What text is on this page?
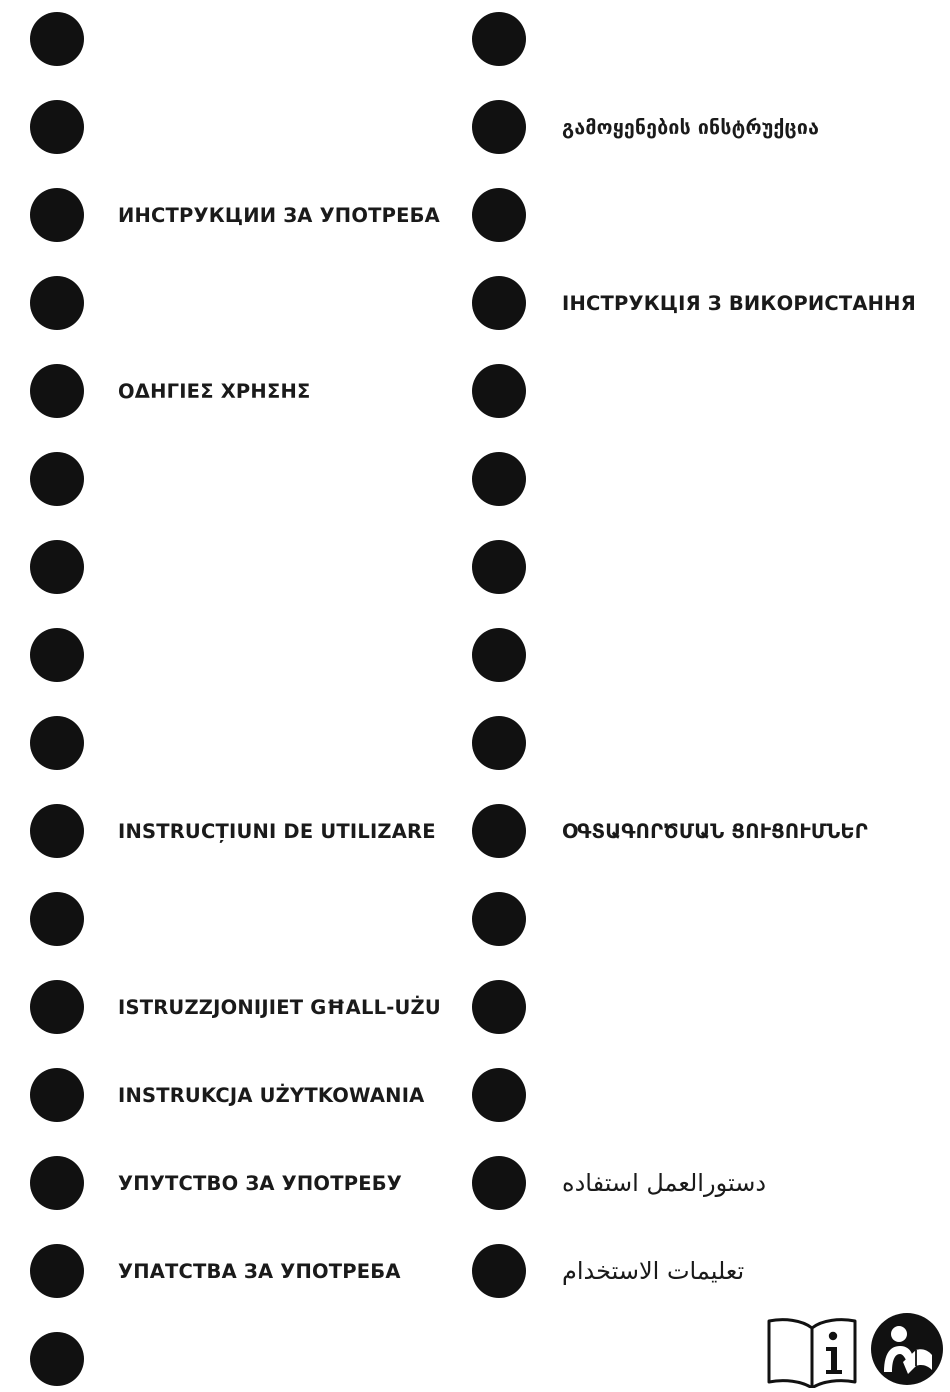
ИНСТРУКЦИИ ЗА УПОТРЕБА
ΟΔΗΓΙΕΣ ΧΡΗΣΗΣ
INSTRUCȚIUNI DE UTILIZARE
ISTRUZZJONIJIET GĦALL-UŻU
INSTRUKCJA UŻYTKOWANIA
УПУТСТВО ЗА УПОТРЕБУ
УПАТСТВА ЗА УПОТРЕБА
გამოყენების ინსტრუქცია
ІНСТРУКЦІЯ З ВИКОРИСТАННЯ
ՕԳՏԱԳՈՐԾՄԱՆ ՑՈՒՑՈՒՄՆԵՐ
دستورالعمل استفاده
تعليمات الاستخدام
